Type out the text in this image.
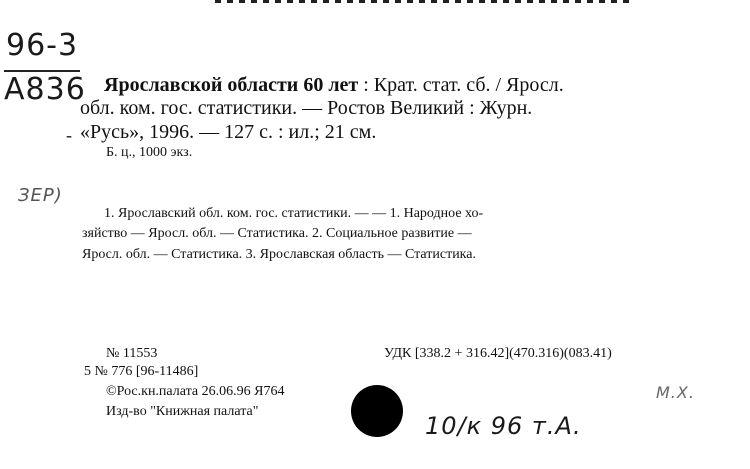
96-3
A836
ЗЕР)
Ярославской области 60 лет : Крат. стат. сб. / Яросл.
обл. ком. гос. статистики. — Ростов Великий : Журн.
- «Русь», 1996. — 127 с. : ил.; 21 см.
Б. ц., 1000 экз.
1. Ярославский обл. ком. гос. статистики. — — 1. Народное хо-
зяйство — Яросл. обл. — Статистика. 2. Социальное развитие —
Яросл. обл. — Статистика. 3. Ярославская область — Статистика.
№ 11553	УДК [338.2 + 316.42](470.316)(083.41)
5 № 776 [96-11486]
©Рос.кн.палата 26.06.96 Я764
Изд-во "Книжная палата"
10/к 96 т.А.
М.Х.
